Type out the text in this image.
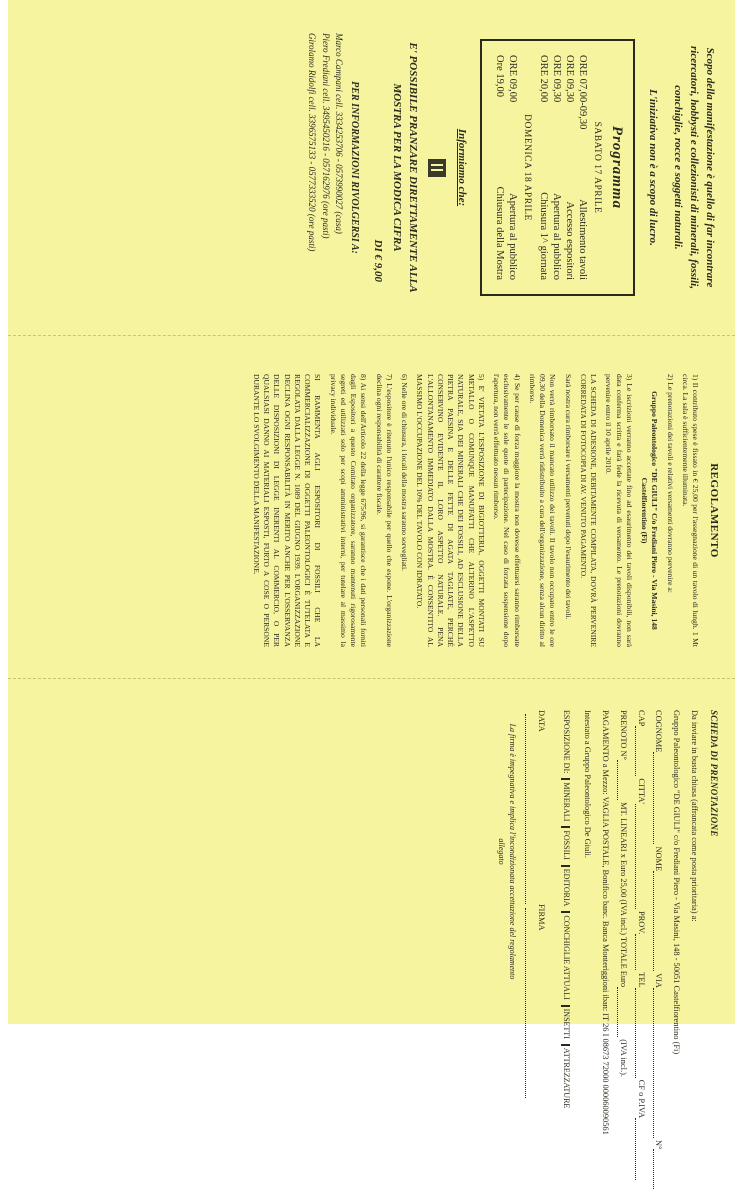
Scopo della manifestazione è quello di far incontrare ricercatori, hobbysti e collezionisti di minerali, fossili, conchiglie, rocce e soggetti naturali.

L'iniziativa non è a scopo di lucro.

Programma
SABATO 17 APRILE
ORE 07,00-09,30
Allestimento tavoli
ORE 09,30
Accesso espositori
ORE 09,30
Apertura al pubblico
ORE 20,00
Chiusura 1^ giornata
DOMENICA 18 APRILE
ORE 09,00
Apertura al pubblico
Ore 19,00
Chiusura della Mostra
Informiamo che:
E' POSSIBILE PRANZARE DIRETTAMENTE ALLA MOSTRA PER LA MODICA CIFRA
DI € 9,00
PER INFORMAZIONI RIVOLGERSI A:
Marco Campani cell. 3334253706 - 0573990027 (casa)
Piero Frediani cell. 3495450216 - 057162976 (ore pasti)
Girolamo Ridolfi cell. 3396575133 - 0577333520 (ore pasti)
REGOLAMENTO

1) Il contributo spese è fissato in € 25,00 per l'assegnazione di un tavolo di lungh. 1 Mt circa. La sala è sufficientemente illuminata.

2) Le prenotazioni dei tavoli e relativi versamenti dovranno pervenire a:

Gruppo Paleontologico "DE GIULI" C/o Frediani Piero - Via Masini, 148 Castelfiorentino (Fi)

3) Le iscrizioni verranno accettate fino ad esaurimento dei tavoli disponibili, non sarà data conferma scritta e farà fede la ricevuta di versamento. Le prenotazioni dovranno pervenire entro il 10 aprile 2010.

LA SCHEDA DI ADESIONE, DEBITAMENTE COMPILATA, DOVRÀ PERVENIRE CORREDATA DI FOTOCOPIA DI AV. VENUTO PAGAMENTO.

Sarà nostra cura rimborsare i versamenti pervenuti dopo l'esaurimento dei tavoli.

Non verrà rimborsato il mancato utilizzo dei tavoli. Il tavolo non occupato entro le ore 09,30 della Domenica verrà ridistribuito a cura dell'organizzazione, senza alcun diritto al rimborso.

4) Se per cause di forza maggiore la mostra non dovesse effettuarsi saranno rimborsate esclusivamente le sole quote di partecipazione. Nel caso di forzata sospensione dopo l'apertura, non verrà effettuato nessun rimborso.

5) E' VIETATA L'ESPOSIZIONE DI BIGIOTTERIA, OGGETTI MONTATI SU METALLO O COMUNQUE MANUFATTI CHE ALTERINO L'ASPETTO NATURALE, SIA DEI MINERALI CHE DEI FOSSILI, AD ESCLUSIONE DELLA PIETRA PAESINA E DELLE FETTE DI AGATA TAGLIATE, PERCHÉ CONSERVINO EVIDENTE IL LORO ASPETTO NATURALE. PENA L'ALLONTANAMENTO IMMEDIATO DALLA MOSTRA. È CONSENTITO AL MASSIMO L'OCCUPAZIONE DEL 10% DEL TAVOLO CON IDRATATO.

6) Nelle ore di chiusura, i locali della mostra saranno sorvegliati.

7) L'espositore è ritenuto l'unico responsabile per quello che espone. L'organizzazione declina ogni responsabilità di carattere fiscale.

8) Ai sensi dell'Articolo 22 della legge 675/96, si garantisce che i dati personali forniti dagli Espositori a questo Comitato organizzatore, saranno mantenuti rigorosamente segreti ed utilizzati solo per scopi amministrativi interni, per tutelare al massimo la privacy individuale.

SI RAMMENTA AGLI ESPOSITORI DI FOSSILI CHE LA COMMERCIALIZZAZIONE DI OGGETTI PALEONTOLOGICI È TUTELATA E REGOLATA DALLA LEGGE N. 1089 DEL GIUGNO 1939. L'ORGANIZZAZIONE DECLINA OGNI RESPONSABILITÀ IN MERITO ANCHE PER L'OSSERVANZA DELLE DISPOSIZIONI DI LEGGE INERENTI AL COMMERCIO, O PER QUALSIASI DANNO AI MATERIALI ESPOSTI, FURTO A COSE O PERSONE DURANTE LO SVOLGIMENTO DELLA MANIFESTAZIONE.

SCHEDA DI PRENOTAZIONE
Da inviare in busta chiusa (affrancata come posta prioritaria) a:
Gruppo Paleontologico "DE GIULI" c/o Frediani Piero - Via Masini, 148 - 50051 Castelfiorentino (Fi)
COGNOME NOME VIA N°
CAP CITTA' PROV. TEL CF o P.IVA
PRENOTO N° MT. LINEARI x Euro 25,00 (IVA incl.) TOTALE Euro (IVA incl.).
PAGAMENTO a Mezzo: VAGLIA POSTALE, Bonifico banc. Banca Monteriggioni iban: IT 26 I 08673 72000 000060090561
Intestato a Gruppo Paleontologico De Giuli.
ESPOSIZIONE DI:
MINERALI
FOSSILI
EDITORIA
CONCHIGLIE ATTUALI
INSETTI
ATTREZZATURE
DATA
FIRMA
La firma è impegnativa e implica l'incondizionata accettazione del regolamento allegato
